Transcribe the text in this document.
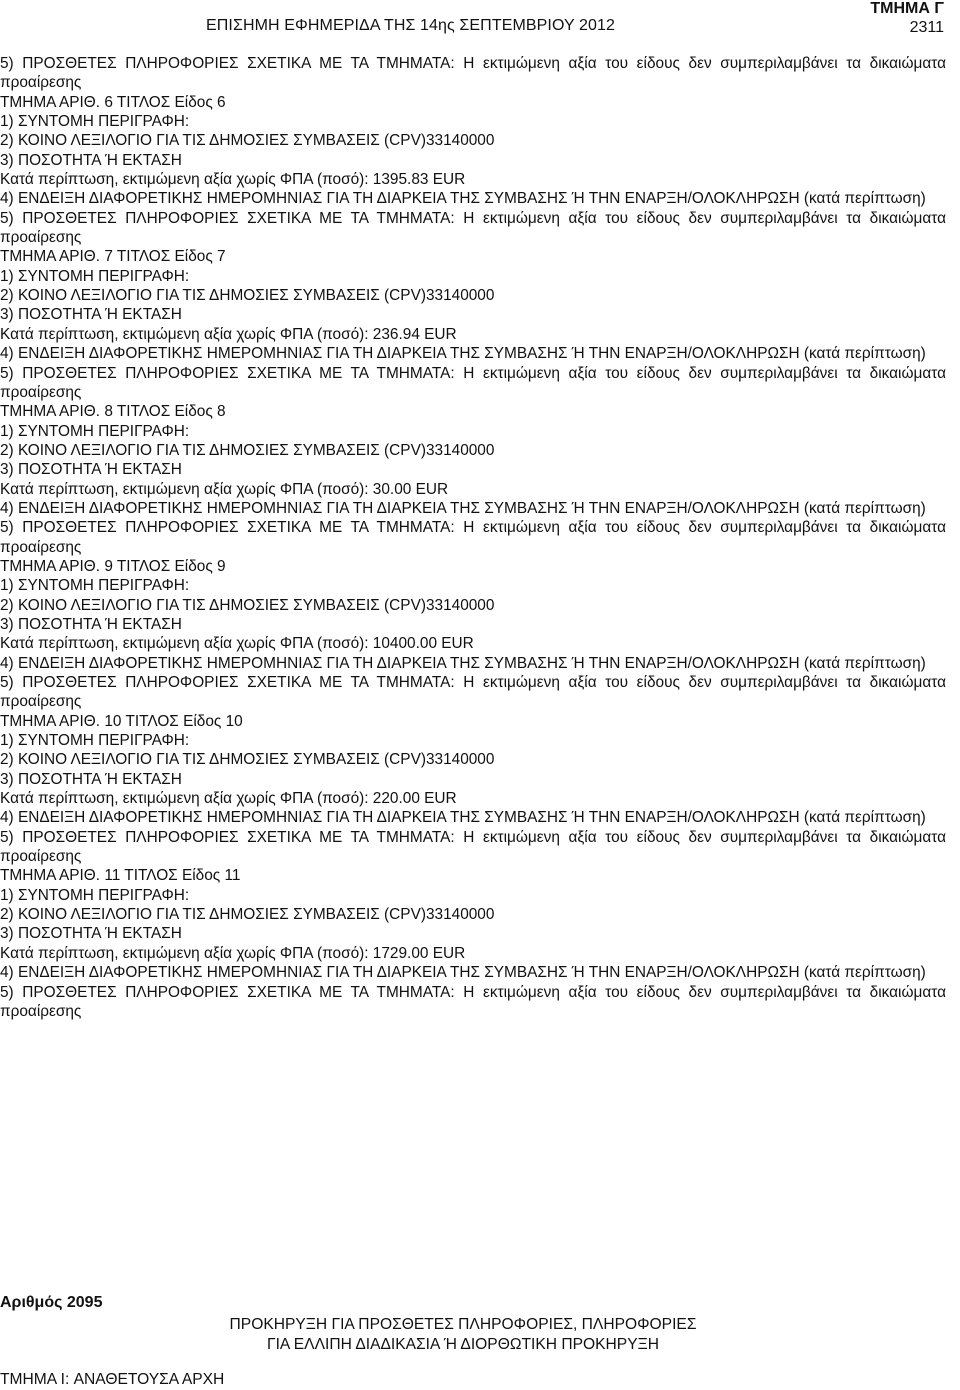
ΕΠΙΣΗΜΗ ΕΦΗΜΕΡΙΔΑ ΤΗΣ 14ης ΣΕΠΤΕΜΒΡΙΟΥ 2012
ΤΜΗΜΑ Γ
2311

5) ΠΡΟΣΘΕΤΕΣ ΠΛΗΡΟΦΟΡΙΕΣ ΣΧΕΤΙΚΑ ΜΕ ΤΑ ΤΜΗΜΑΤΑ: Η εκτιμώμενη αξία του είδους δεν συμπεριλαμβάνει τα δικαιώματα προαίρεσης

ΤΜΗΜΑ ΑΡΙΘ. 6 ΤΙΤΛΟΣ Είδος 6

1) ΣΥΝΤΟΜΗ ΠΕΡΙΓΡΑΦΗ:

2) ΚΟΙΝΟ ΛΕΞΙΛΟΓΙΟ ΓΙΑ ΤΙΣ ΔΗΜΟΣΙΕΣ ΣΥΜΒΑΣΕΙΣ (CPV)33140000

3) ΠΟΣΟΤΗΤΑ Ή ΕΚΤΑΣΗ

Κατά περίπτωση, εκτιμώμενη αξία χωρίς ΦΠΑ (ποσό): 1395.83 EUR

4) ΕΝΔΕΙΞΗ ΔΙΑΦΟΡΕΤΙΚΗΣ ΗΜΕΡΟΜΗΝΙΑΣ ΓΙΑ ΤΗ ΔΙΑΡΚΕΙΑ ΤΗΣ ΣΥΜΒΑΣΗΣ Ή ΤΗΝ ΕΝΑΡΞΗ/ΟΛΟΚΛΗΡΩΣΗ (κατά περίπτωση)

5) ΠΡΟΣΘΕΤΕΣ ΠΛΗΡΟΦΟΡΙΕΣ ΣΧΕΤΙΚΑ ΜΕ ΤΑ ΤΜΗΜΑΤΑ: Η εκτιμώμενη αξία του είδους δεν συμπεριλαμβάνει τα δικαιώματα προαίρεσης

ΤΜΗΜΑ ΑΡΙΘ. 7 ΤΙΤΛΟΣ Είδος 7

1) ΣΥΝΤΟΜΗ ΠΕΡΙΓΡΑΦΗ:

2) ΚΟΙΝΟ ΛΕΞΙΛΟΓΙΟ ΓΙΑ ΤΙΣ ΔΗΜΟΣΙΕΣ ΣΥΜΒΑΣΕΙΣ (CPV)33140000

3) ΠΟΣΟΤΗΤΑ Ή ΕΚΤΑΣΗ

Κατά περίπτωση, εκτιμώμενη αξία χωρίς ΦΠΑ (ποσό): 236.94 EUR

4) ΕΝΔΕΙΞΗ ΔΙΑΦΟΡΕΤΙΚΗΣ ΗΜΕΡΟΜΗΝΙΑΣ ΓΙΑ ΤΗ ΔΙΑΡΚΕΙΑ ΤΗΣ ΣΥΜΒΑΣΗΣ Ή ΤΗΝ ΕΝΑΡΞΗ/ΟΛΟΚΛΗΡΩΣΗ (κατά περίπτωση)

5) ΠΡΟΣΘΕΤΕΣ ΠΛΗΡΟΦΟΡΙΕΣ ΣΧΕΤΙΚΑ ΜΕ ΤΑ ΤΜΗΜΑΤΑ: Η εκτιμώμενη αξία του είδους δεν συμπεριλαμβάνει τα δικαιώματα προαίρεσης

ΤΜΗΜΑ ΑΡΙΘ. 8 ΤΙΤΛΟΣ Είδος 8

1) ΣΥΝΤΟΜΗ ΠΕΡΙΓΡΑΦΗ:

2) ΚΟΙΝΟ ΛΕΞΙΛΟΓΙΟ ΓΙΑ ΤΙΣ ΔΗΜΟΣΙΕΣ ΣΥΜΒΑΣΕΙΣ (CPV)33140000

3) ΠΟΣΟΤΗΤΑ Ή ΕΚΤΑΣΗ

Κατά περίπτωση, εκτιμώμενη αξία χωρίς ΦΠΑ (ποσό): 30.00 EUR

4) ΕΝΔΕΙΞΗ ΔΙΑΦΟΡΕΤΙΚΗΣ ΗΜΕΡΟΜΗΝΙΑΣ ΓΙΑ ΤΗ ΔΙΑΡΚΕΙΑ ΤΗΣ ΣΥΜΒΑΣΗΣ Ή ΤΗΝ ΕΝΑΡΞΗ/ΟΛΟΚΛΗΡΩΣΗ (κατά περίπτωση)

5) ΠΡΟΣΘΕΤΕΣ ΠΛΗΡΟΦΟΡΙΕΣ ΣΧΕΤΙΚΑ ΜΕ ΤΑ ΤΜΗΜΑΤΑ: Η εκτιμώμενη αξία του είδους δεν συμπεριλαμβάνει τα δικαιώματα προαίρεσης

ΤΜΗΜΑ ΑΡΙΘ. 9 ΤΙΤΛΟΣ Είδος 9

1) ΣΥΝΤΟΜΗ ΠΕΡΙΓΡΑΦΗ:

2) ΚΟΙΝΟ ΛΕΞΙΛΟΓΙΟ ΓΙΑ ΤΙΣ ΔΗΜΟΣΙΕΣ ΣΥΜΒΑΣΕΙΣ (CPV)33140000

3) ΠΟΣΟΤΗΤΑ Ή ΕΚΤΑΣΗ

Κατά περίπτωση, εκτιμώμενη αξία χωρίς ΦΠΑ (ποσό): 10400.00 EUR

4) ΕΝΔΕΙΞΗ ΔΙΑΦΟΡΕΤΙΚΗΣ ΗΜΕΡΟΜΗΝΙΑΣ ΓΙΑ ΤΗ ΔΙΑΡΚΕΙΑ ΤΗΣ ΣΥΜΒΑΣΗΣ Ή ΤΗΝ ΕΝΑΡΞΗ/ΟΛΟΚΛΗΡΩΣΗ (κατά περίπτωση)

5) ΠΡΟΣΘΕΤΕΣ ΠΛΗΡΟΦΟΡΙΕΣ ΣΧΕΤΙΚΑ ΜΕ ΤΑ ΤΜΗΜΑΤΑ: Η εκτιμώμενη αξία του είδους δεν συμπεριλαμβάνει τα δικαιώματα προαίρεσης

ΤΜΗΜΑ ΑΡΙΘ. 10 ΤΙΤΛΟΣ Είδος 10

1) ΣΥΝΤΟΜΗ ΠΕΡΙΓΡΑΦΗ:

2) ΚΟΙΝΟ ΛΕΞΙΛΟΓΙΟ ΓΙΑ ΤΙΣ ΔΗΜΟΣΙΕΣ ΣΥΜΒΑΣΕΙΣ (CPV)33140000

3) ΠΟΣΟΤΗΤΑ Ή ΕΚΤΑΣΗ

Κατά περίπτωση, εκτιμώμενη αξία χωρίς ΦΠΑ (ποσό): 220.00 EUR

4) ΕΝΔΕΙΞΗ ΔΙΑΦΟΡΕΤΙΚΗΣ ΗΜΕΡΟΜΗΝΙΑΣ ΓΙΑ ΤΗ ΔΙΑΡΚΕΙΑ ΤΗΣ ΣΥΜΒΑΣΗΣ Ή ΤΗΝ ΕΝΑΡΞΗ/ΟΛΟΚΛΗΡΩΣΗ (κατά περίπτωση)

5) ΠΡΟΣΘΕΤΕΣ ΠΛΗΡΟΦΟΡΙΕΣ ΣΧΕΤΙΚΑ ΜΕ ΤΑ ΤΜΗΜΑΤΑ: Η εκτιμώμενη αξία του είδους δεν συμπεριλαμβάνει τα δικαιώματα προαίρεσης

ΤΜΗΜΑ ΑΡΙΘ. 11 ΤΙΤΛΟΣ Είδος 11

1) ΣΥΝΤΟΜΗ ΠΕΡΙΓΡΑΦΗ:

2) ΚΟΙΝΟ ΛΕΞΙΛΟΓΙΟ ΓΙΑ ΤΙΣ ΔΗΜΟΣΙΕΣ ΣΥΜΒΑΣΕΙΣ (CPV)33140000

3) ΠΟΣΟΤΗΤΑ Ή ΕΚΤΑΣΗ

Κατά περίπτωση, εκτιμώμενη αξία χωρίς ΦΠΑ (ποσό): 1729.00 EUR

4) ΕΝΔΕΙΞΗ ΔΙΑΦΟΡΕΤΙΚΗΣ ΗΜΕΡΟΜΗΝΙΑΣ ΓΙΑ ΤΗ ΔΙΑΡΚΕΙΑ ΤΗΣ ΣΥΜΒΑΣΗΣ Ή ΤΗΝ ΕΝΑΡΞΗ/ΟΛΟΚΛΗΡΩΣΗ (κατά περίπτωση)

5) ΠΡΟΣΘΕΤΕΣ ΠΛΗΡΟΦΟΡΙΕΣ ΣΧΕΤΙΚΑ ΜΕ ΤΑ ΤΜΗΜΑΤΑ: Η εκτιμώμενη αξία του είδους δεν συμπεριλαμβάνει τα δικαιώματα προαίρεσης

Αριθμός 2095
ΠΡΟΚΗΡΥΞΗ ΓΙΑ ΠΡΟΣΘΕΤΕΣ ΠΛΗΡΟΦΟΡΙΕΣ, ΠΛΗΡΟΦΟΡΙΕΣ
ΓΙΑ ΕΛΛΙΠΗ ΔΙΑΔΙΚΑΣΙΑ Ή ΔΙΟΡΘΩΤΙΚΗ ΠΡΟΚΗΡΥΞΗ
ΤΜΗΜΑ I: ΑΝΑΘΕΤΟΥΣΑ ΑΡΧΗ
